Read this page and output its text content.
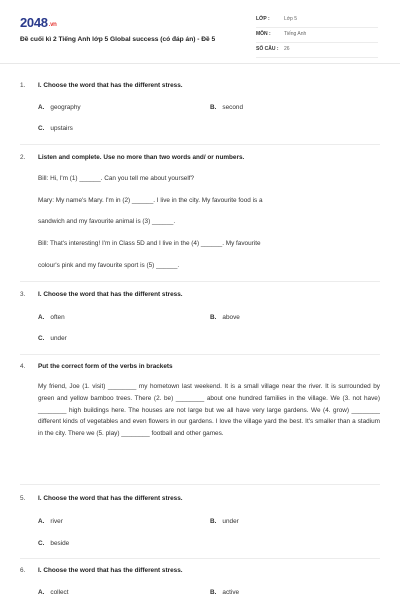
2048.vn
Đề cuối kì 2 Tiếng Anh lớp 5 Global success (có đáp án) - Đề 5
LỚP :	Lớp 5
MÔN :	Tiếng Anh
SỐ CÂU : 26
1. I. Choose the word that has the different stress.
A. geography	B. second
C. upstairs
2. Listen and complete. Use no more than two words and/ or numbers.
Bill: Hi, I'm (1) ______. Can you tell me about yourself?
Mary: My name's Mary. I'm in (2) ______. I live in the city. My favourite food is a
sandwich and my favourite animal is (3) ______.
Bill: That's interesting! I'm in Class 5D and I live in the (4) ______. My favourite
colour's pink and my favourite sport is (5) ______.
3. I. Choose the word that has the different stress.
A. often	B. above
C. under
4. Put the correct form of the verbs in brackets
My friend, Joe (1. visit) ________ my hometown last weekend. It is a small village near the river. It is surrounded by green and yellow bamboo trees. There (2. be) ________ about one hundred families in the village. We (3. not have) ________ high buildings here. The houses are not large but we all have very large gardens. We (4. grow) ________ different kinds of vegetables and even flowers in our gardens. I love the village yard the best. It's smaller than a stadium in the city. There we (5. play) ________ football and other games.
5. I. Choose the word that has the different stress.
A. river	B. under
C. beside
6. I. Choose the word that has the different stress.
A. collect	B. active
